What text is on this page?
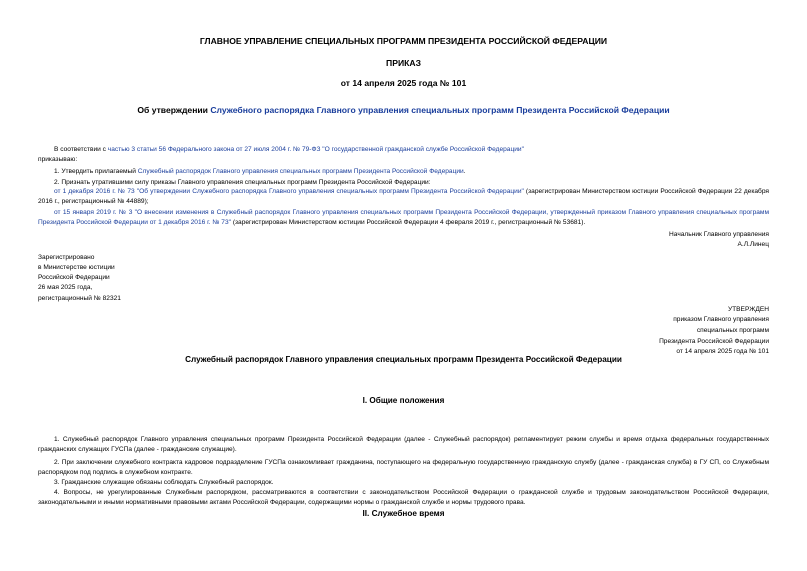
ГЛАВНОЕ УПРАВЛЕНИЕ СПЕЦИАЛЬНЫХ ПРОГРАММ ПРЕЗИДЕНТА РОССИЙСКОЙ ФЕДЕРАЦИИ
ПРИКАЗ
от 14 апреля 2025 года № 101
Об утверждении Служебного распорядка Главного управления специальных программ Президента Российской Федерации
В соответствии с частью 3 статьи 56 Федерального закона от 27 июля 2004 г. № 79-ФЗ "О государственной гражданской службе Российской Федерации"
приказываю:
1. Утвердить прилагаемый Служебный распорядок Главного управления специальных программ Президента Российской Федерации.
2. Признать утратившими силу приказы Главного управления специальных программ Президента Российской Федерации:
от 1 декабря 2016 г. № 73 "Об утверждении Служебного распорядка Главного управления специальных программ Президента Российской Федерации" (зарегистрирован Министерством юстиции Российской Федерации 22 декабря 2016 г., регистрационный № 44889);
от 15 января 2019 г. № 3 "О внесении изменения в Служебный распорядок Главного управления специальных программ Президента Российской Федерации, утвержденный приказом Главного управления специальных программ Президента Российской Федерации от 1 декабря 2016 г. № 73" (зарегистрирован Министерством юстиции Российской Федерации 4 февраля 2019 г., регистрационный № 53681).
Начальник Главного управления
А.Л.Линец
Зарегистрировано
в Министерстве юстиции
Российской Федерации
26 мая 2025 года,
регистрационный № 82321
УТВЕРЖДЕН
приказом Главного управления
специальных программ
Президента Российской Федерации
от 14 апреля 2025 года № 101
Служебный распорядок Главного управления специальных программ Президента Российской Федерации
I. Общие положения
1. Служебный распорядок Главного управления специальных программ Президента Российской Федерации (далее - Служебный распорядок) регламентирует режим службы и время отдыха федеральных государственных гражданских служащих ГУСПа (далее - гражданские служащие).
2. При заключении служебного контракта кадровое подразделение ГУСПа ознакомливает гражданина, поступающего на федеральную государственную гражданскую службу (далее - гражданская служба) в ГУ СП, со Служебным распорядком под подпись в служебном контракте.
3. Гражданские служащие обязаны соблюдать Служебный распорядок.
4. Вопросы, не урегулированные Служебным распорядком, рассматриваются в соответствии с законодательством Российской Федерации о гражданской службе и трудовым законодательством Российской Федерации, законодательными и иными нормативными правовыми актами Российской Федерации, содержащими нормы о гражданской службе и нормы трудового права.
II. Служебное время
